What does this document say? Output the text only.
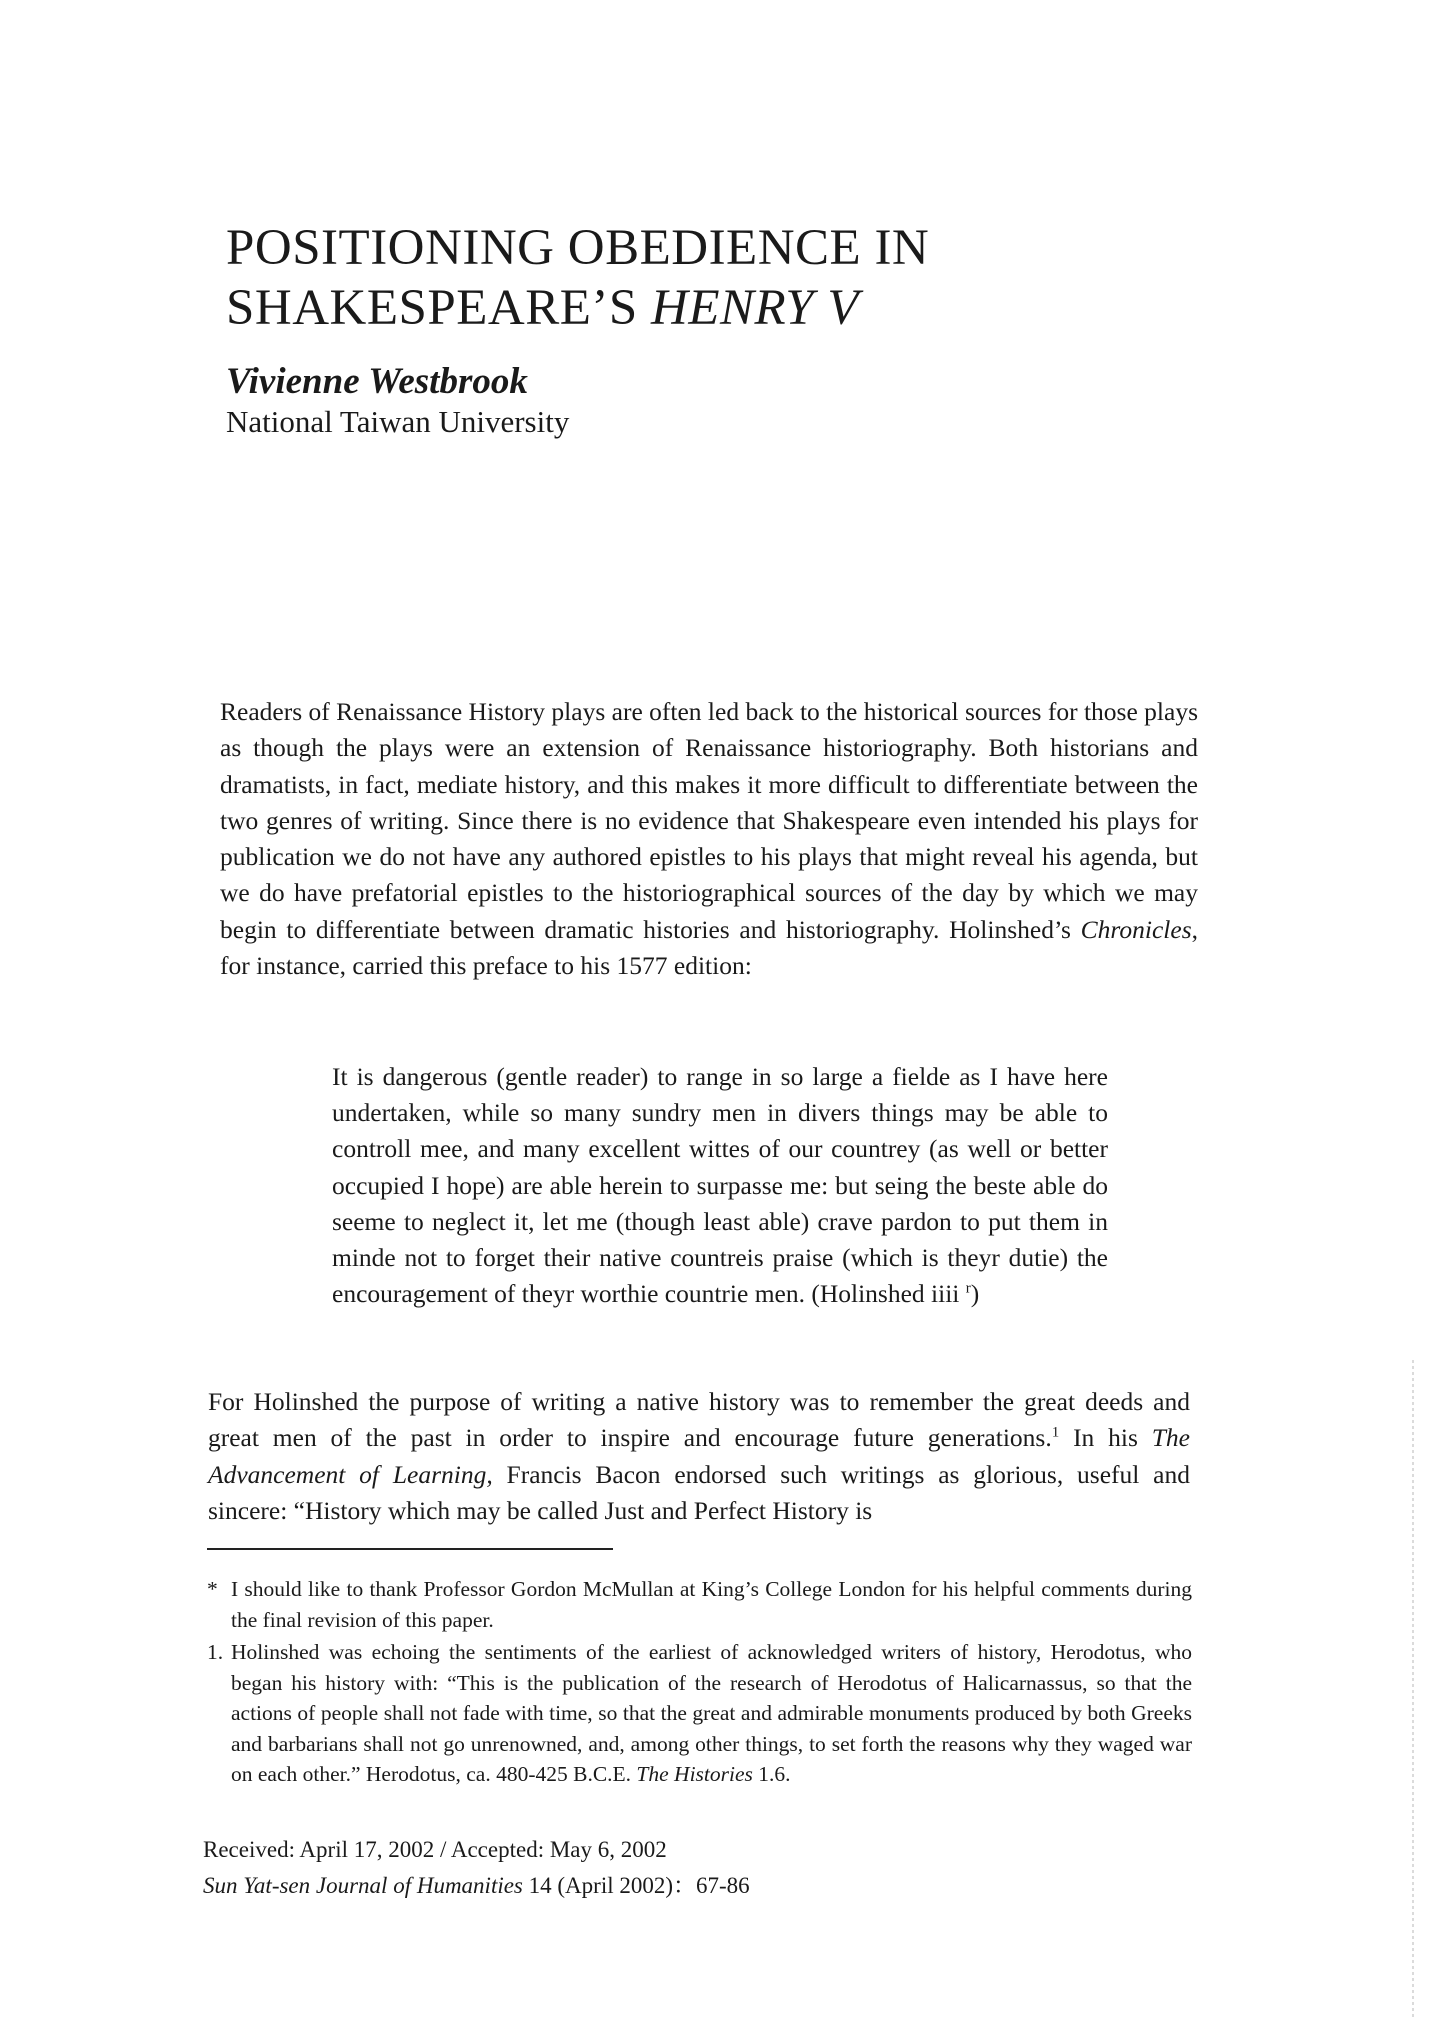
POSITIONING OBEDIENCE IN
SHAKESPEARE’S HENRY V

Vivienne Westbrook

National Taiwan University

Readers of Renaissance History plays are often led back to the historical sources for those plays as though the plays were an extension of Renaissance historiography. Both historians and dramatists, in fact, mediate history, and this makes it more difficult to differentiate between the two genres of writing. Since there is no evidence that Shakespeare even intended his plays for publication we do not have any authored epistles to his plays that might reveal his agenda, but we do have prefatorial epistles to the historiographical sources of the day by which we may begin to differentiate between dramatic histories and historiography. Holinshed’s Chronicles, for instance, carried this preface to his 1577 edition:

It is dangerous (gentle reader) to range in so large a fielde as I have here undertaken, while so many sundry men in divers things may be able to controll mee, and many excellent wittes of our countrey (as well or better occupied I hope) are able herein to surpasse me: but seing the beste able do seeme to neglect it, let me (though least able) crave pardon to put them in minde not to forget their native countreis praise (which is theyr dutie) the encouragement of theyr worthie countrie men. (Holinshed iiii $^r$)

For Holinshed the purpose of writing a native history was to remember the great deeds and great men of the past in order to inspire and encourage future generations.$^1$ In his The Advancement of Learning, Francis Bacon endorsed such writings as glorious, useful and sincere: “History which may be called Just and Perfect History is

* I should like to thank Professor Gordon McMullan at King’s College London for his helpful comments during the final revision of this paper.
1. Holinshed was echoing the sentiments of the earliest of acknowledged writers of history, Herodotus, who began his history with: “This is the publication of the research of Herodotus of Halicarnassus, so that the actions of people shall not fade with time, so that the great and admirable monuments produced by both Greeks and barbarians shall not go unrenowned, and, among other things, to set forth the reasons why they waged war on each other.” Herodotus, ca. 480-425 B.C.E. The Histories 1.6.

Received: April 17, 2002 / Accepted: May 6, 2002

Sun Yat-sen Journal of Humanities 14 (April 2002)：67-86
